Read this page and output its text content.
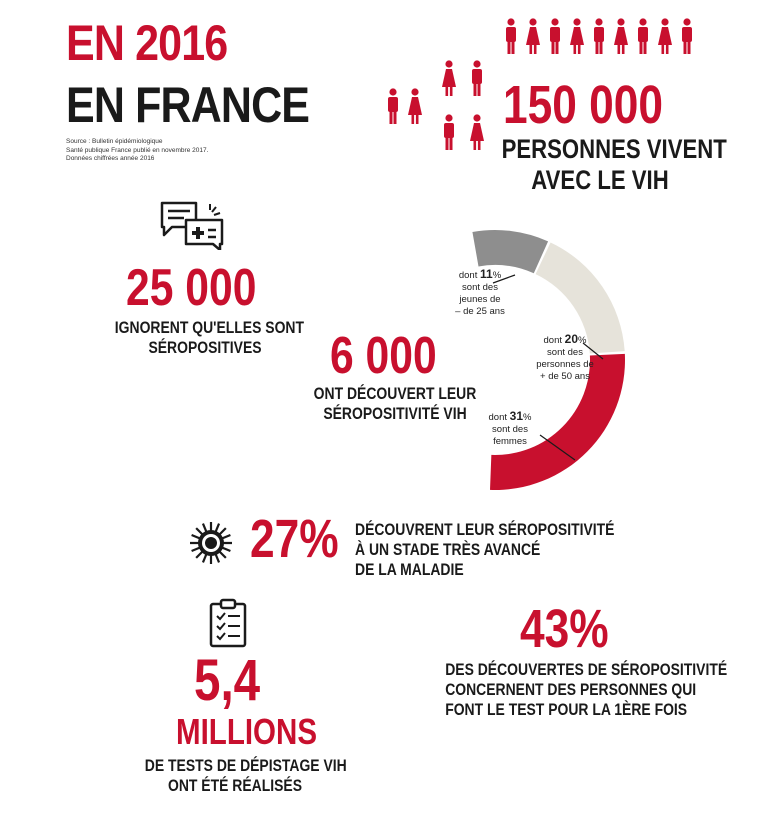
EN 2016
EN FRANCE
Source : Bulletin épidémiologique
Santé publique France publié en novembre 2017.
Données chiffrées année 2016
150 000
PERSONNES VIVENT
AVEC LE VIH
25 000
IGNORENT QU'ELLES SONT
SÉROPOSITIVES	6 000
ONT DÉCOUVERT LEUR
SÉROPOSITIVITÉ VIH
dont 11%
sont des
jeunes de
– de 25 ans
dont 20%
sont des
personnes de
+ de 50 ans
dont 31%
sont des
femmes
27% DÉCOUVRENT LEUR SÉROPOSITIVITÉ
À UN STADE TRÈS AVANCÉ
DE LA MALADIE
43%
DES DÉCOUVERTES DE SÉROPOSITIVITÉ
CONCERNENT DES PERSONNES QUI
FONT LE TEST POUR LA 1ÈRE FOIS
5,4
MILLIONS
DE TESTS DE DÉPISTAGE VIH
ONT ÉTÉ RÉALISÉS
